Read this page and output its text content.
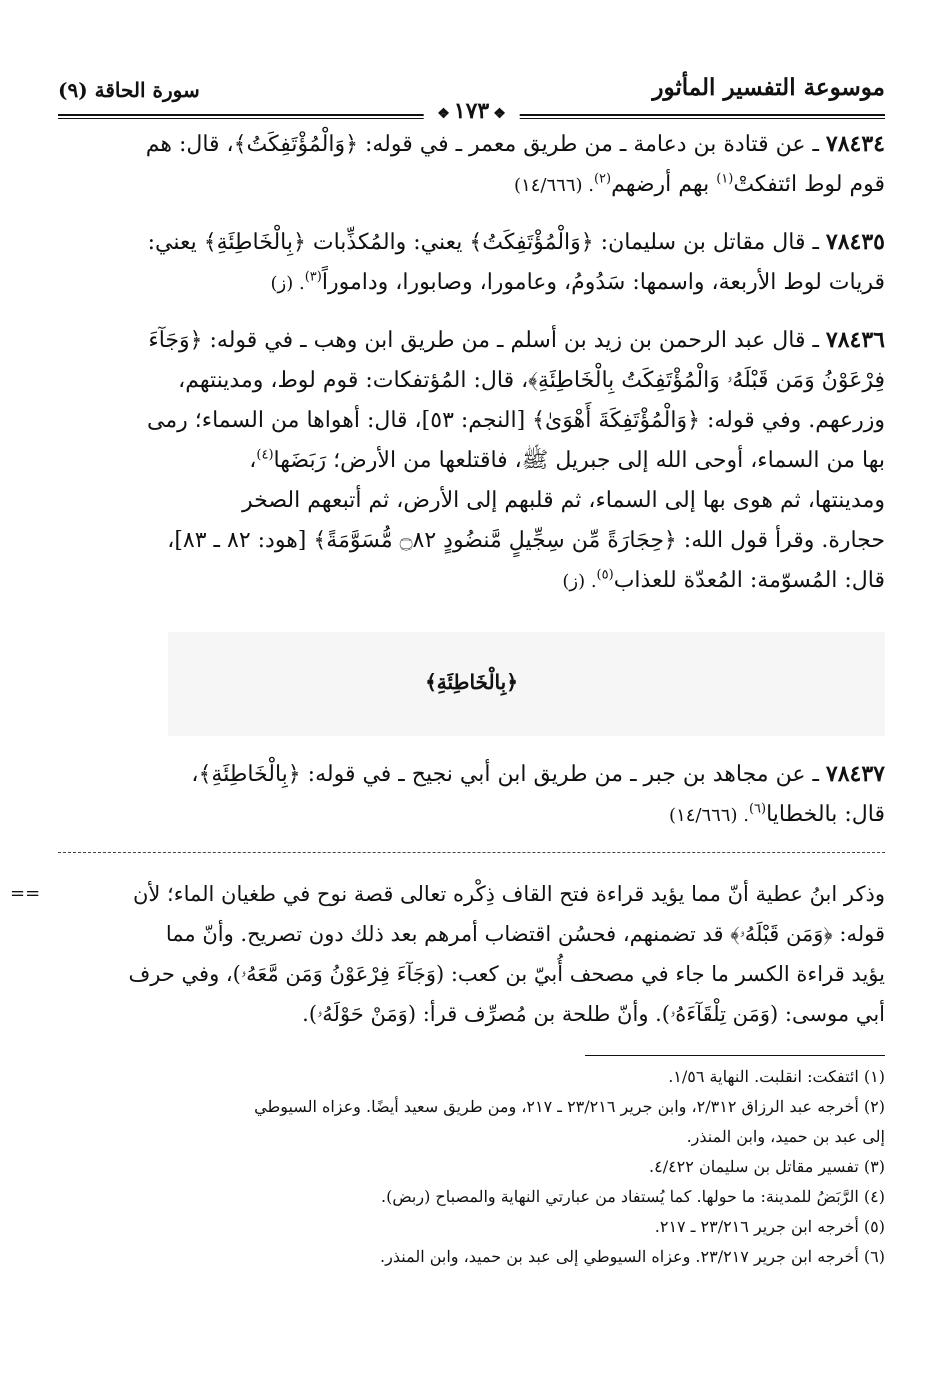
موسوعة التفسير المأثور
سورة الحاقة (٩)
❖١٧٣❖

٧٨٤٣٤ ـ عن قتادة بن دعامة ـ من طريق معمر ـ في قوله: ﴿وَالْمُؤْتَفِكَتُ﴾، قال: هم
قوم لوط ائتفكتْ$^{(١)}$ بهم أرضهم$^{(٢)}$. (١٤/٦٦٦)

٧٨٤٣٥ ـ قال مقاتل بن سليمان: ﴿وَالْمُؤْتَفِكَتُ﴾ يعني: والمُكذِّبات ﴿بِالْخَاطِئَةِ﴾ يعني:
قريات لوط الأربعة، واسمها: سَدُومُ، وعامورا، وصابورا، وداموراً$^{(٣)}$. (ز)

٧٨٤٣٦ ـ قال عبد الرحمن بن زيد بن أسلم ـ من طريق ابن وهب ـ في قوله: ﴿وَجَآءَ
فِرْعَوْنُ وَمَن قَبْلَهُۥ وَالْمُؤْتَفِكَتُ بِالْخَاطِئَةِ﴾، قال: المُؤتفكات: قوم لوط، ومدينتهم،
وزرعهم. وفي قوله: ﴿وَالْمُؤْتَفِكَةَ أَهْوَىٰ﴾ [النجم: ٥٣]، قال: أهواها من السماء؛ رمى
بها من السماء، أوحى الله إلى جبريل ﷺ، فاقتلعها من الأرض؛ رَبَضَها$^{(٤)}$،
ومدينتها، ثم هوى بها إلى السماء، ثم قلبهم إلى الأرض، ثم أتبعهم الصخر
حجارة. وقرأ قول الله: ﴿حِجَارَةً مِّن سِجِّيلٍ مَّنضُودٍ ۝٨٢ مُّسَوَّمَةً﴾ [هود: ٨٢ ـ ٨٣]،
قال: المُسوّمة: المُعدّة للعذاب$^{(٥)}$. (ز)

﴿بِالْخَاطِئَةِ﴾

٧٨٤٣٧ ـ عن مجاهد بن جبر ـ من طريق ابن أبي نجيح ـ في قوله: ﴿بِالْخَاطِئَةِ﴾،
قال: بالخطايا$^{(٦)}$. (١٤/٦٦٦)

==	وذكر ابنُ عطية أنّ مما يؤيد قراءة فتح القاف ذِكْره تعالى قصة نوح في طغيان الماء؛ لأن
قوله: ﴿وَمَن قَبْلَهُۥ﴾ قد تضمنهم، فحسُن اقتضاب أمرهم بعد ذلك دون تصريح. وأنّ مما
يؤيد قراءة الكسر ما جاء في مصحف أُبيّ بن كعب: (وَجَآءَ فِرْعَوْنُ وَمَن مَّعَهُۥ)، وفي حرف
أبي موسى: (وَمَن تِلْقَآءَهُۥ). وأنّ طلحة بن مُصرِّف قرأ: (وَمَنْ حَوْلَهُۥ).

(١) ائتفكت: انقلبت. النهاية ١/٥٦.

(٢) أخرجه عبد الرزاق ٢/٣١٢، وابن جرير ٢٣/٢١٦ ـ ٢١٧، ومن طريق سعيد أيضًا. وعزاه السيوطي

إلى عبد بن حميد، وابن المنذر.

(٣) تفسير مقاتل بن سليمان ٤/٤٢٢.

(٤) الرَّبَضُ للمدينة: ما حولها. كما يُستفاد من عبارتي النهاية والمصباح (ربض).

(٥) أخرجه ابن جرير ٢٣/٢١٦ ـ ٢١٧.

(٦) أخرجه ابن جرير ٢٣/٢١٧. وعزاه السيوطي إلى عبد بن حميد، وابن المنذر.
